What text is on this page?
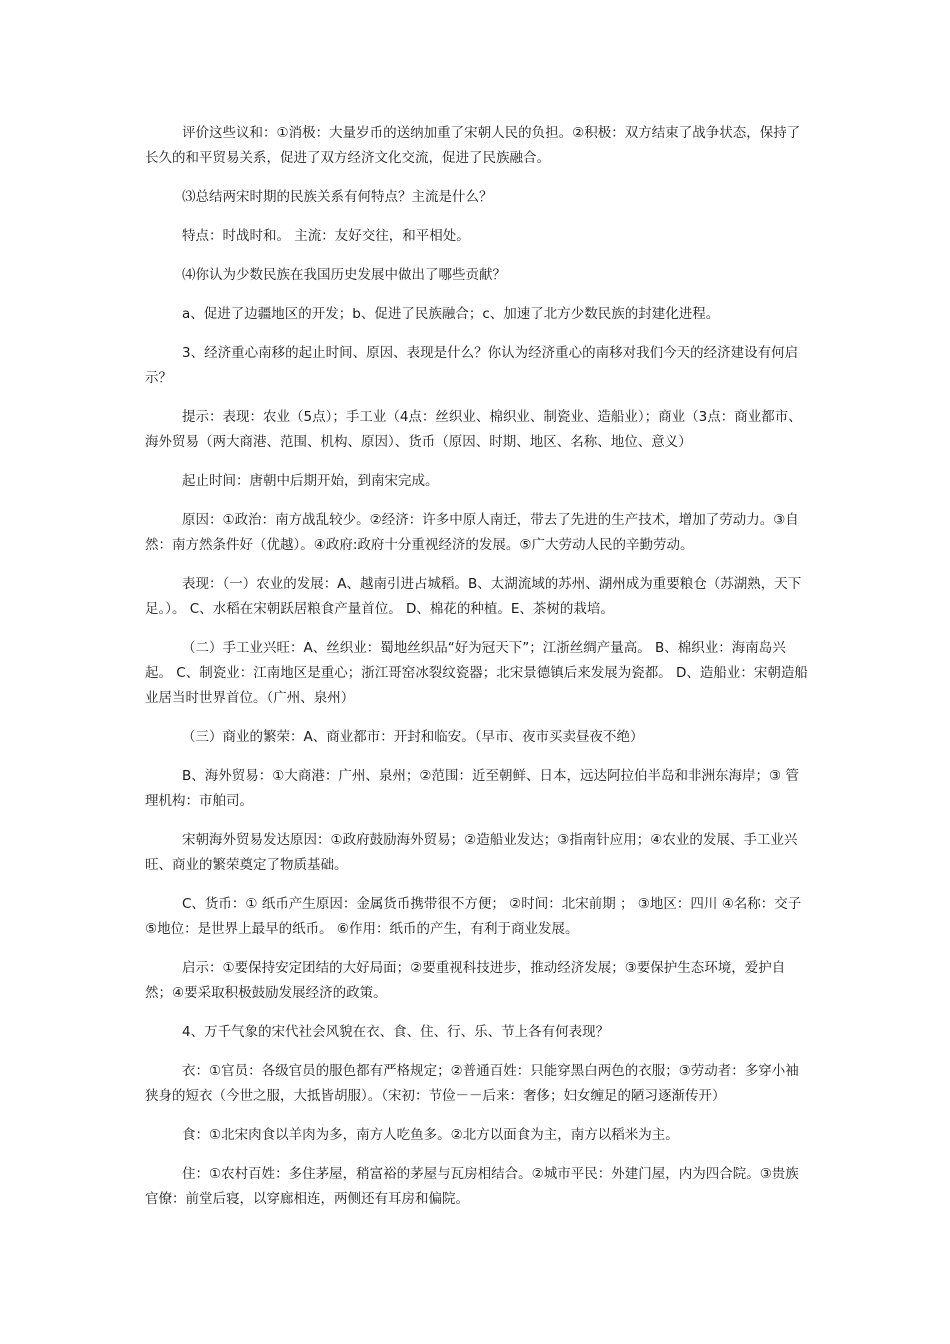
评价这些议和：①消极：大量岁币的送纳加重了宋朝人民的负担。②积极：双方结束了战争状态，保持了长久的和平贸易关系，促进了双方经济文化交流，促进了民族融合。

⑶总结两宋时期的民族关系有何特点？主流是什么？

特点：时战时和。 主流：友好交往，和平相处。

⑷你认为少数民族在我国历史发展中做出了哪些贡献？

a、促进了边疆地区的开发；b、促进了民族融合；c、加速了北方少数民族的封建化进程。

3、经济重心南移的起止时间、原因、表现是什么？你认为经济重心的南移对我们今天的经济建设有何启示？

提示：表现：农业（5点）；手工业（4点：丝织业、棉织业、制瓷业、造船业）；商业（3点：商业都市、海外贸易（两大商港、范围、机构、原因）、货币（原因、时期、地区、名称、地位、意义）

起止时间：唐朝中后期开始，到南宋完成。

原因：①政治：南方战乱较少。②经济：许多中原人南迁，带去了先进的生产技术，增加了劳动力。③自然：南方然条件好（优越）。④政府:政府十分重视经济的发展。⑤广大劳动人民的辛勤劳动。

表现：（一）农业的发展：A、越南引进占城稻。B、太湖流域的苏州、湖州成为重要粮仓（苏湖熟，天下足。）。 C、水稻在宋朝跃居粮食产量首位。 D、棉花的种植。E、茶树的栽培。

（二）手工业兴旺：A、丝织业：蜀地丝织品“好为冠天下”；江浙丝绸产量高。 B、棉织业：海南岛兴起。 C、制瓷业：江南地区是重心；浙江哥窑冰裂纹瓷器；北宋景德镇后来发展为瓷都。 D、造船业：宋朝造船业居当时世界首位。（广州、泉州）

（三）商业的繁荣：A、商业都市：开封和临安。（早市、夜市买卖昼夜不绝）

B、海外贸易：①大商港：广州、泉州；②范围：近至朝鲜、日本，远达阿拉伯半岛和非洲东海岸；③ 管理机构：市舶司。

宋朝海外贸易发达原因：①政府鼓励海外贸易；②造船业发达；③指南针应用；④农业的发展、手工业兴旺、商业的繁荣奠定了物质基础。

C、货币：① 纸币产生原因：金属货币携带很不方便； ②时间：北宋前期 ； ③地区：四川 ④名称：交子 ⑤地位：是世界上最早的纸币。 ⑥作用：纸币的产生，有利于商业发展。

启示：①要保持安定团结的大好局面；②要重视科技进步，推动经济发展；③要保护生态环境，爱护自然；④要采取积极鼓励发展经济的政策。

4、万千气象的宋代社会风貌在衣、食、住、行、乐、节上各有何表现？

衣：①官员：各级官员的服色都有严格规定；②普通百姓：只能穿黑白两色的衣服；③劳动者：多穿小袖狭身的短衣（今世之服，大抵皆胡服）。（宋初：节俭－－后来：奢侈；妇女缠足的陋习逐渐传开）

食：①北宋肉食以羊肉为多，南方人吃鱼多。②北方以面食为主，南方以稻米为主。

住：①农村百姓：多住茅屋，稍富裕的茅屋与瓦房相结合。②城市平民：外建门屋，内为四合院。③贵族官僚：前堂后寝，以穿廊相连，两侧还有耳房和偏院。
